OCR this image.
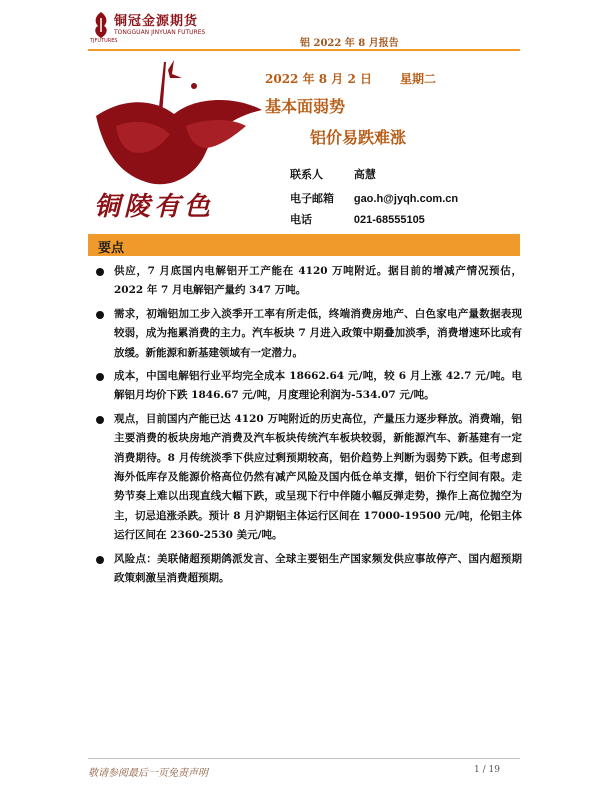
铜冠金源期货
TONGGUAN JINYUAN FUTURES
TJFUTURES	铝 2022 年 8 月报告
铜陵有色
2022 年 8 月 2 日 星期二
基本面弱势
铝价易跌难涨
联系人	高慧
电子邮箱 gao.h@jyqh.com.cn
电话	021-68555105
要点
供应，7 月底国内电解铝开工产能在 4120 万吨附近。据目前的增减产情况预估，2022 年 7 月电解铝产量约 347 万吨。
需求，初端铝加工步入淡季开工率有所走低，终端消费房地产、白色家电产量数据表现较弱，成为拖累消费的主力。汽车板块 7 月进入政策中期叠加淡季，消费增速环比或有放缓。新能源和新基建领域有一定潜力。
成本，中国电解铝行业平均完全成本 18662.64 元/吨，较 6 月上涨 42.7 元/吨。电解铝月均价下跌 1846.67 元/吨，月度理论利润为-534.07 元/吨。
观点，目前国内产能已达 4120 万吨附近的历史高位，产量压力逐步释放。消费端，铝主要消费的板块房地产消费及汽车板块传统汽车板块较弱，新能源汽车、新基建有一定消费期待。8 月传统淡季下供应过剩预期较高，铝价趋势上判断为弱势下跌。但考虑到海外低库存及能源价格高位仍然有减产风险及国内低仓单支撑，铝价下行空间有限。走势节奏上难以出现直线大幅下跌，或呈现下行中伴随小幅反弹走势，操作上高位抛空为主，切忌追涨杀跌。预计 8 月沪期铝主体运行区间在 17000-19500 元/吨，伦铝主体运行区间在 2360-2530 美元/吨。
风险点：美联储超预期鸽派发言、全球主要铝生产国家频发供应事故停产、国内超预期政策刺激呈消费超预期。
敬请参阅最后一页免责声明	1 / 19
